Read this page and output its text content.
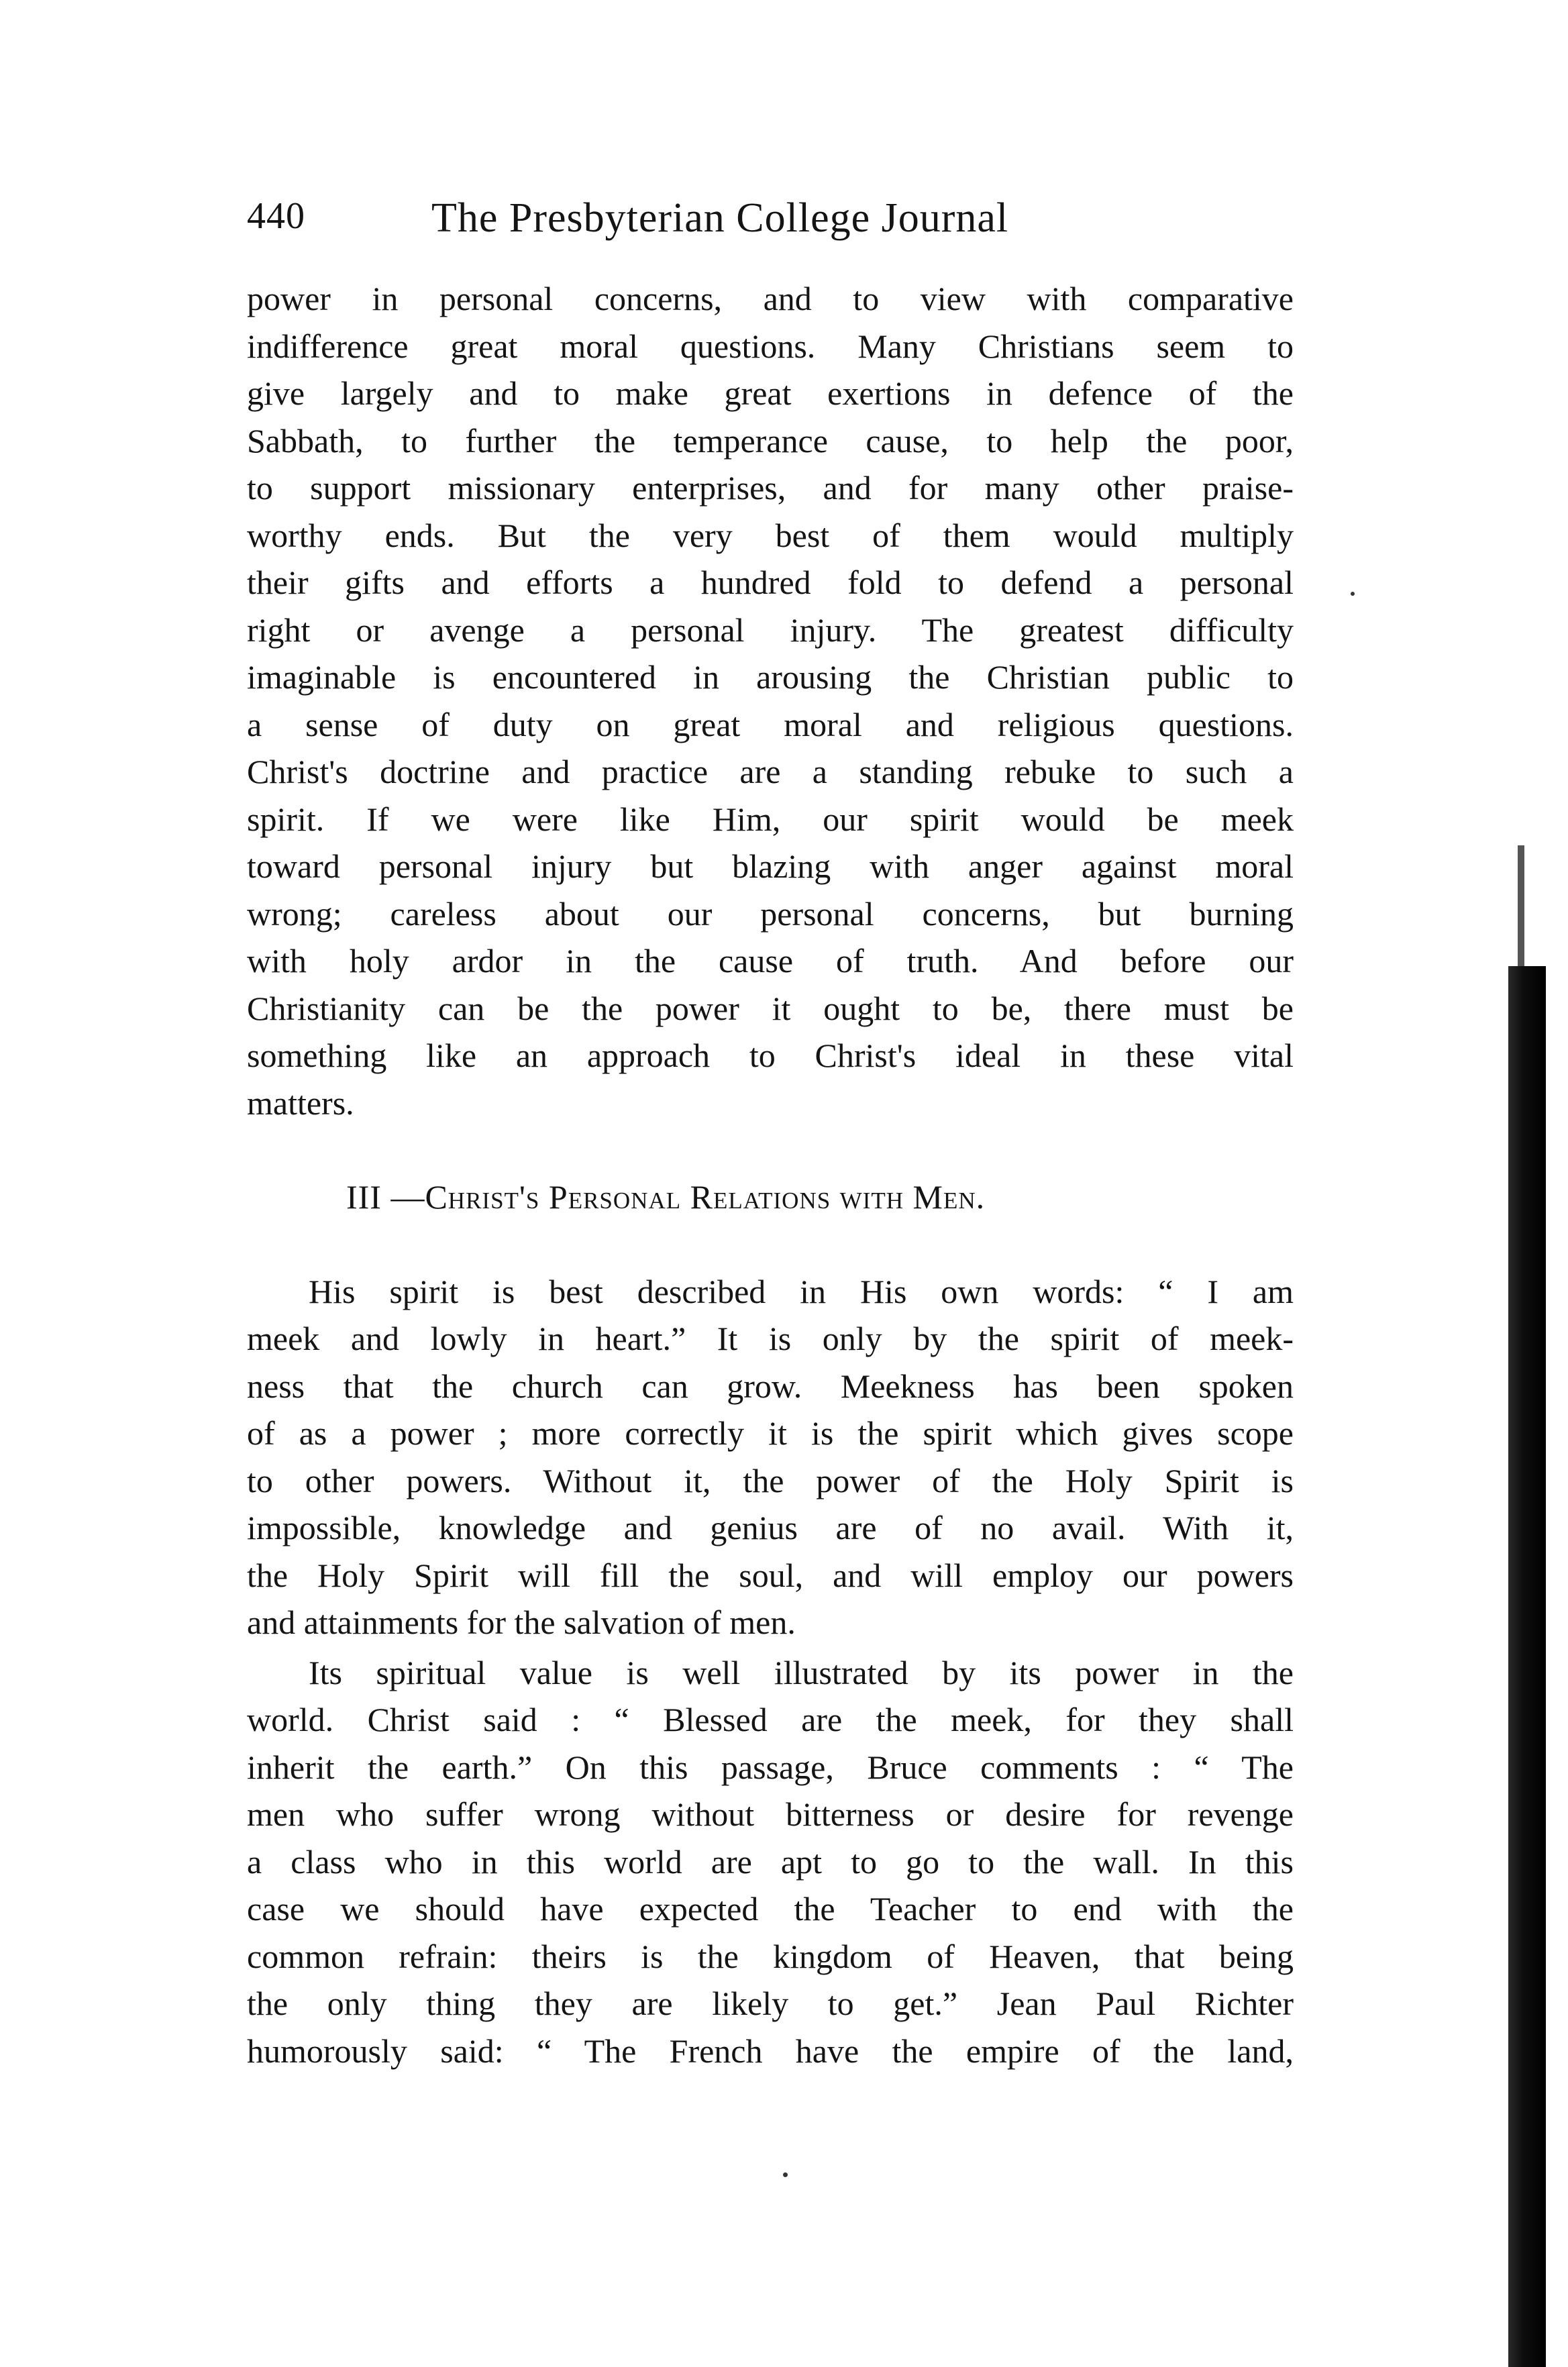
440	The Presbyterian College Journal
power in personal concerns, and to view with comparative
indifference great moral questions. Many Christians seem to
give largely and to make great exertions in defence of the
Sabbath, to further the temperance cause, to help the poor,
to support missionary enterprises, and for many other praise-
worthy ends. But the very best of them would multiply
their gifts and efforts a hundred fold to defend a personal
right or avenge a personal injury. The greatest difficulty
imaginable is encountered in arousing the Christian public to
a sense of duty on great moral and religious questions.
Christ's doctrine and practice are a standing rebuke to such a
spirit. If we were like Him, our spirit would be meek
toward personal injury but blazing with anger against moral
wrong; careless about our personal concerns, but burning
with holy ardor in the cause of truth. And before our
Christianity can be the power it ought to be, there must be
something like an approach to Christ's ideal in these vital
matters.
III —Christ's Personal Relations with Men.
His spirit is best described in His own words: “ I am
meek and lowly in heart.” It is only by the spirit of meek-
ness that the church can grow. Meekness has been spoken
of as a power ; more correctly it is the spirit which gives scope
to other powers. Without it, the power of the Holy Spirit is
impossible, knowledge and genius are of no avail. With it,
the Holy Spirit will fill the soul, and will employ our powers
and attainments for the salvation of men.
Its spiritual value is well illustrated by its power in the
world. Christ said : “ Blessed are the meek, for they shall
inherit the earth.” On this passage, Bruce comments : “ The
men who suffer wrong without bitterness or desire for revenge
a class who in this world are apt to go to the wall. In this
case we should have expected the Teacher to end with the
common refrain: theirs is the kingdom of Heaven, that being
the only thing they are likely to get.” Jean Paul Richter
humorously said: “ The French have the empire of the land,
